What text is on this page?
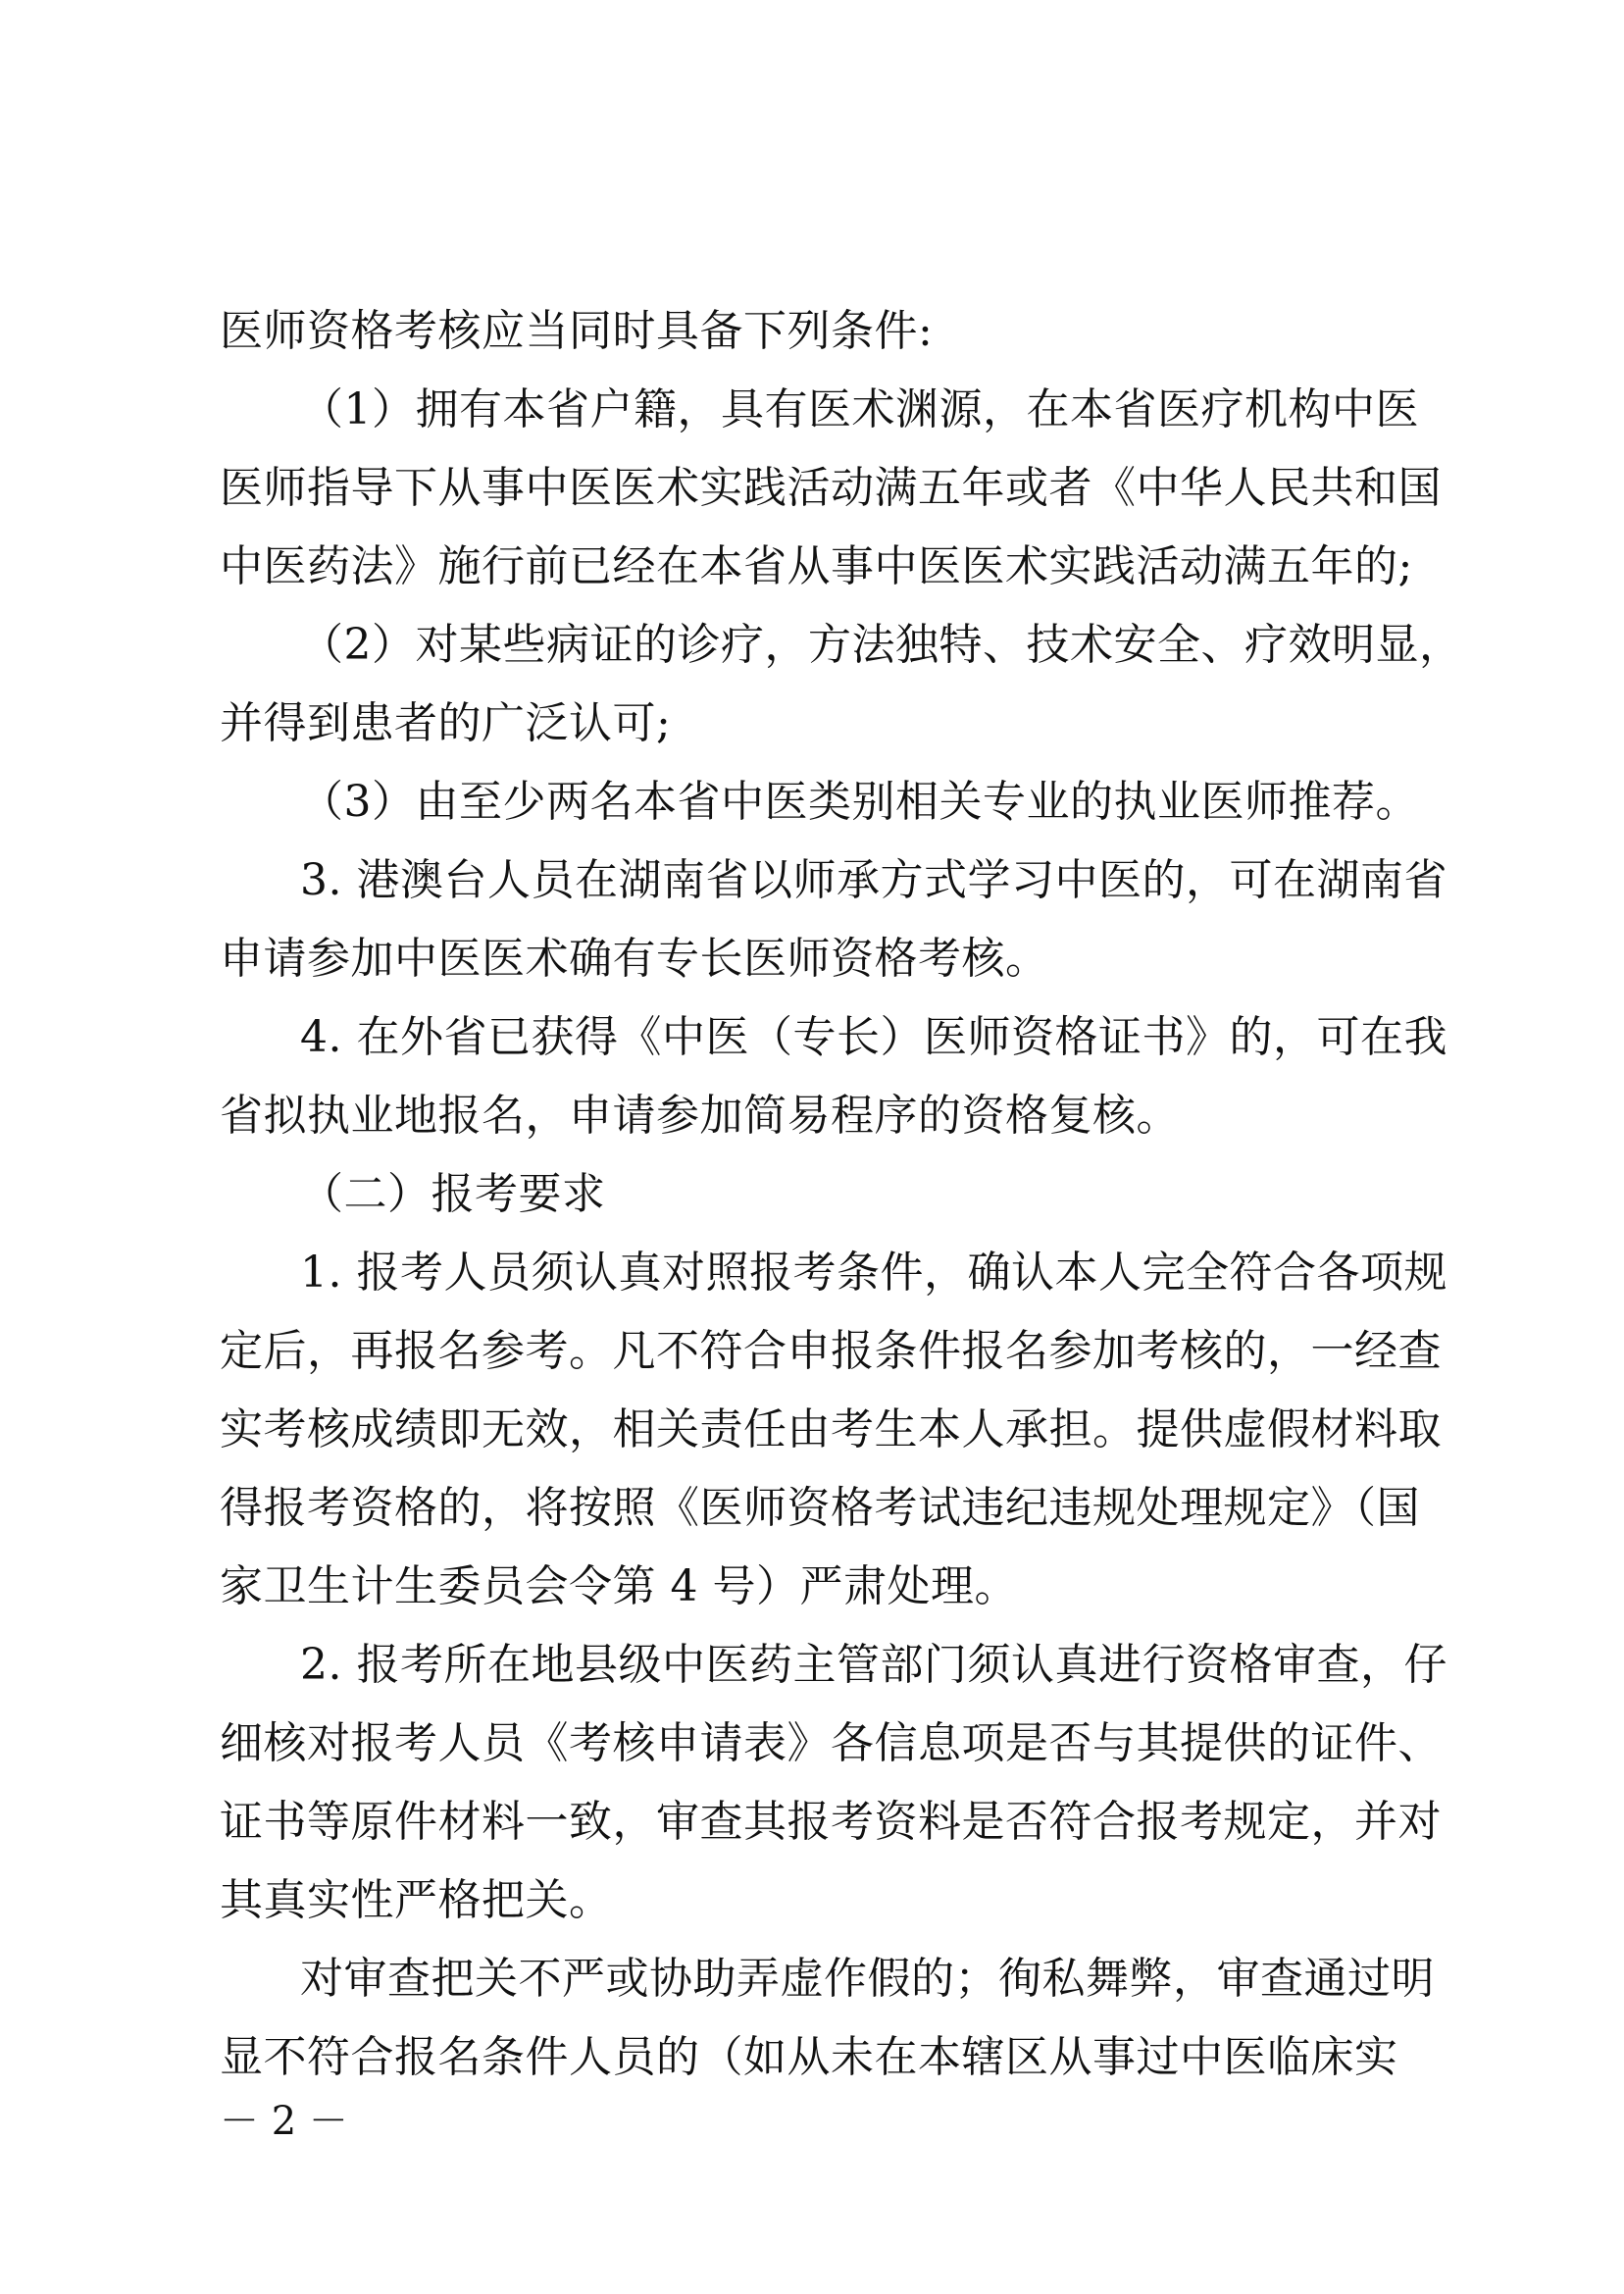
医师资格考核应当同时具备下列条件:
（1）拥有本省户籍，具有医术渊源，在本省医疗机构中医
医师指导下从事中医医术实践活动满五年或者《中华人民共和国
中医药法》施行前已经在本省从事中医医术实践活动满五年的;
（2）对某些病证的诊疗，方法独特、技术安全、疗效明显，
并得到患者的广泛认可;
（3）由至少两名本省中医类别相关专业的执业医师推荐。
3. 港澳台人员在湖南省以师承方式学习中医的，可在湖南省
申请参加中医医术确有专长医师资格考核。
4. 在外省已获得《中医（专长）医师资格证书》的，可在我
省拟执业地报名，申请参加简易程序的资格复核。
（二）报考要求
1. 报考人员须认真对照报考条件，确认本人完全符合各项规
定后，再报名参考。凡不符合申报条件报名参加考核的，一经查
实考核成绩即无效，相关责任由考生本人承担。提供虚假材料取
得报考资格的，将按照《医师资格考试违纪违规处理规定》（国
家卫生计生委员会令第 4 号）严肃处理。
2. 报考所在地县级中医药主管部门须认真进行资格审查，仔
细核对报考人员《考核申请表》各信息项是否与其提供的证件、
证书等原件材料一致，审查其报考资料是否符合报考规定，并对
其真实性严格把关。
对审查把关不严或协助弄虚作假的；徇私舞弊，审查通过明
显不符合报名条件人员的（如从未在本辖区从事过中医临床实
－ 2 －
